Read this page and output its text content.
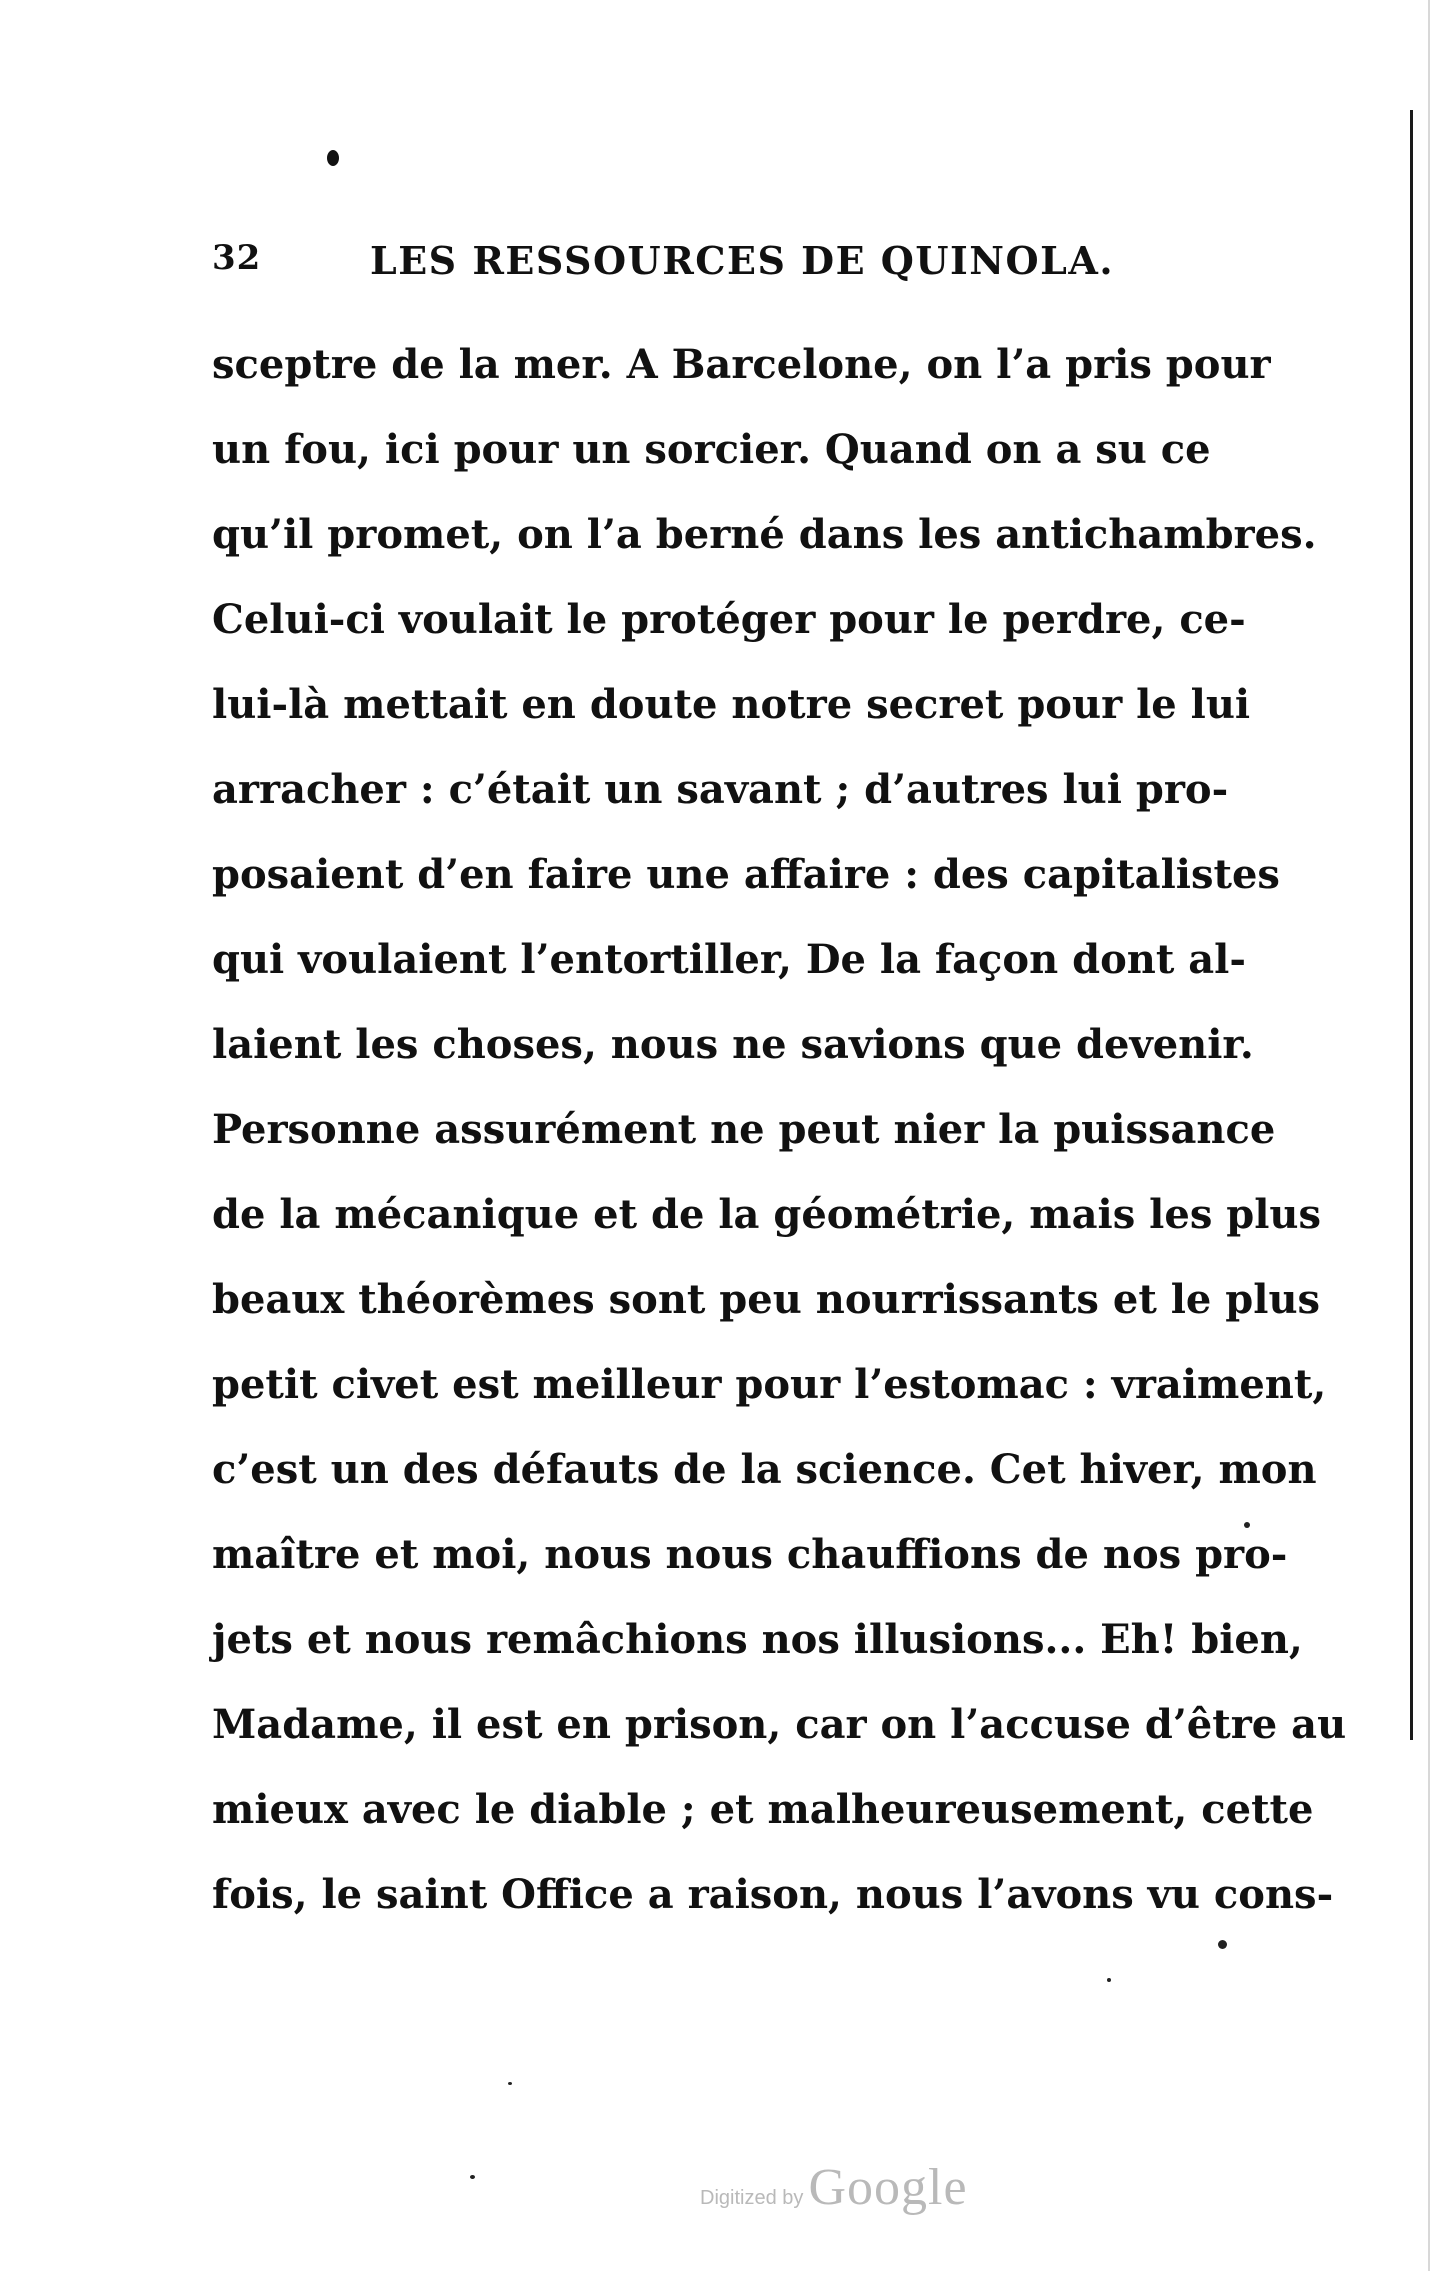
32	LES RESSOURCES DE QUINOLA.
sceptre de la mer. A Barcelone, on l’a pris pour
un fou, ici pour un sorcier. Quand on a su ce
qu’il promet, on l’a berné dans les antichambres.
Celui-ci voulait le protéger pour le perdre, ce-
lui-là mettait en doute notre secret pour le lui
arracher : c’était un savant ; d’autres lui pro-
posaient d’en faire une affaire : des capitalistes
qui voulaient l’entortiller, De la façon dont al-
laient les choses, nous ne savions que devenir.
Personne assurément ne peut nier la puissance
de la mécanique et de la géométrie, mais les plus
beaux théorèmes sont peu nourrissants et le plus
petit civet est meilleur pour l’estomac : vraiment,
c’est un des défauts de la science. Cet hiver, mon
maître et moi, nous nous chauffions de nos pro-
jets et nous remâchions nos illusions... Eh! bien,
Madame, il est en prison, car on l’accuse d’être au
mieux avec le diable ; et malheureusement, cette
fois, le saint Office a raison, nous l’avons vu cons-
Digitized by Google
